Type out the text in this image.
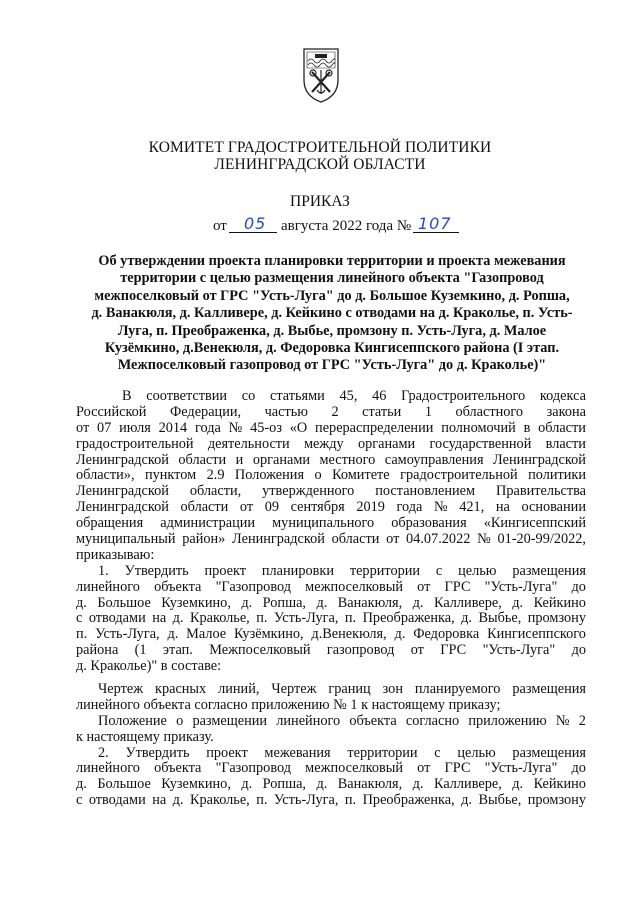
КОМИТЕТ ГРАДОСТРОИТЕЛЬНОЙ ПОЛИТИКИ
ЛЕНИНГРАДСКОЙ ОБЛАСТИ
ПРИКАЗ
от 05 августа 2022 года № 107
Об утверждении проекта планировки территории и проекта межевания
территории с целью размещения линейного объекта "Газопровод
межпоселковый от ГРС "Усть-Луга" до д. Большое Куземкино, д. Ропша,
д. Ванакюля, д. Калливере, д. Кейкино с отводами на д. Краколье, п. Усть-
Луга, п. Преображенка, д. Выбье, промзону п. Усть-Луга, д. Малое
Кузёмкино, д.Венекюля, д. Федоровка Кингисеппского района (I этап.
Межпоселковый газопровод от ГРС "Усть-Луга" до д. Краколье)"
В соответствии со статьями 45, 46 Градостроительного кодекса
Российской Федерации, частью 2 статьи 1 областного закона
от 07 июля 2014 года № 45-оз «О перераспределении полномочий в области
градостроительной деятельности между органами государственной власти
Ленинградской области и органами местного самоуправления Ленинградской
области», пунктом 2.9 Положения о Комитете градостроительной политики
Ленинградской области, утвержденного постановлением Правительства
Ленинградской области от 09 сентября 2019 года № 421, на основании
обращения администрации муниципального образования «Кингисеппский
муниципальный район» Ленинградской области от 04.07.2022 № 01-20-99/2022,
приказываю:
1. Утвердить проект планировки территории с целью размещения
линейного объекта "Газопровод межпоселковый от ГРС "Усть-Луга" до
д. Большое Куземкино, д. Ропша, д. Ванакюля, д. Калливере, д. Кейкино
с отводами на д. Краколье, п. Усть-Луга, п. Преображенка, д. Выбье, промзону
п. Усть-Луга, д. Малое Кузёмкино, д.Венекюля, д. Федоровка Кингисеппского
района (1 этап. Межпоселковый газопровод от ГРС "Усть-Луга" до
д. Краколье)" в составе:
Чертеж красных линий, Чертеж границ зон планируемого размещения
линейного объекта согласно приложению № 1 к настоящему приказу;
Положение о размещении линейного объекта согласно приложению № 2
к настоящему приказу.
2. Утвердить проект межевания территории с целью размещения
линейного объекта "Газопровод межпоселковый от ГРС "Усть-Луга" до
д. Большое Куземкино, д. Ропша, д. Ванакюля, д. Калливере, д. Кейкино
с отводами на д. Краколье, п. Усть-Луга, п. Преображенка, д. Выбье, промзону
